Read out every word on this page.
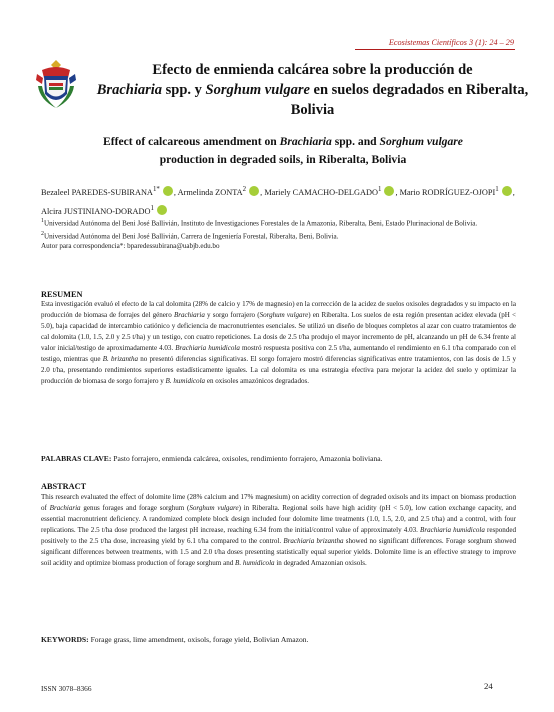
Ecosistemas Científicos 3 (1): 24 – 29
Efecto de enmienda calcárea sobre la producción de
Brachiaria spp. y Sorghum vulgare en suelos degradados en Riberalta, Bolivia
Effect of calcareous amendment on Brachiaria spp. and Sorghum vulgare
production in degraded soils, in Riberalta, Bolivia
Bezaleel PAREDES-$SUBIRANA^{1*}$ , Armelinda ZONTA$^2$ , Mariely CAMACHO-DELGADO$^1$ , Mario RODRÍGUEZ-OJOPI$^1$ , Alcira JUSTINIANO-DORADO$^1$

$^1$Universidad Autónoma del Beni José Ballivián, Instituto de Investigaciones Forestales de la Amazonia, Riberalta, Beni, Estado Plurinacional de Bolivia.

$^2$Universidad Autónoma del Beni José Ballivián, Carrera de Ingeniería Forestal, Riberalta, Beni, Bolivia.

Autor para correspondencia*: bparedessubirana@uabjb.edu.bo

RESUMEN
Esta investigación evaluó el efecto de la cal dolomita (28% de calcio y 17% de magnesio) en la corrección de la acidez de suelos oxisoles degradados y su impacto en la producción de biomasa de forrajes del género Brachiaria y sorgo forrajero (Sorghum vulgare) en Riberalta. Los suelos de esta región presentan acidez elevada (pH < 5.0), baja capacidad de intercambio catiónico y deficiencia de macronutrientes esenciales. Se utilizó un diseño de bloques completos al azar con cuatro tratamientos de cal dolomita (1.0, 1.5, 2.0 y 2.5 t/ha) y un testigo, con cuatro repeticiones. La dosis de 2.5 t/ha produjo el mayor incremento de pH, alcanzando un pH de 6.34 frente al valor inicial/testigo de aproximadamente 4.03. Brachiaria humidicola mostró respuesta positiva con 2.5 t/ha, aumentando el rendimiento en 6.1 t/ha comparado con el testigo, mientras que B. brizantha no presentó diferencias significativas. El sorgo forrajero mostró diferencias significativas entre tratamientos, con las dosis de 1.5 y 2.0 t/ha, presentando rendimientos superiores estadísticamente iguales. La cal dolomita es una estrategia efectiva para mejorar la acidez del suelo y optimizar la producción de biomasa de sorgo forrajero y B. humidicola en oxisoles amazónicos degradados.
PALABRAS CLAVE: Pasto forrajero, enmienda calcárea, oxisoles, rendimiento forrajero, Amazonia boliviana.
ABSTRACT
This research evaluated the effect of dolomite lime (28% calcium and 17% magnesium) on acidity correction of degraded oxisols and its impact on biomass production of Brachiaria genus forages and forage sorghum (Sorghum vulgare) in Riberalta. Regional soils have high acidity (pH < 5.0), low cation exchange capacity, and essential macronutrient deficiency. A randomized complete block design included four dolomite lime treatments (1.0, 1.5, 2.0, and 2.5 t/ha) and a control, with four replications. The 2.5 t/ha dose produced the largest pH increase, reaching 6.34 from the initial/control value of approximately 4.03. Brachiaria humidicola responded positively to the 2.5 t/ha dose, increasing yield by 6.1 t/ha compared to the control. Brachiaria brizantha showed no significant differences. Forage sorghum showed significant differences between treatments, with 1.5 and 2.0 t/ha doses presenting statistically equal superior yields. Dolomite lime is an effective strategy to improve soil acidity and optimize biomass production of forage sorghum and B. humidicola in degraded Amazonian oxisols.
KEYWORDS: Forage grass, lime amendment, oxisols, forage yield, Bolivian Amazon.
ISSN 3078–8366	24
